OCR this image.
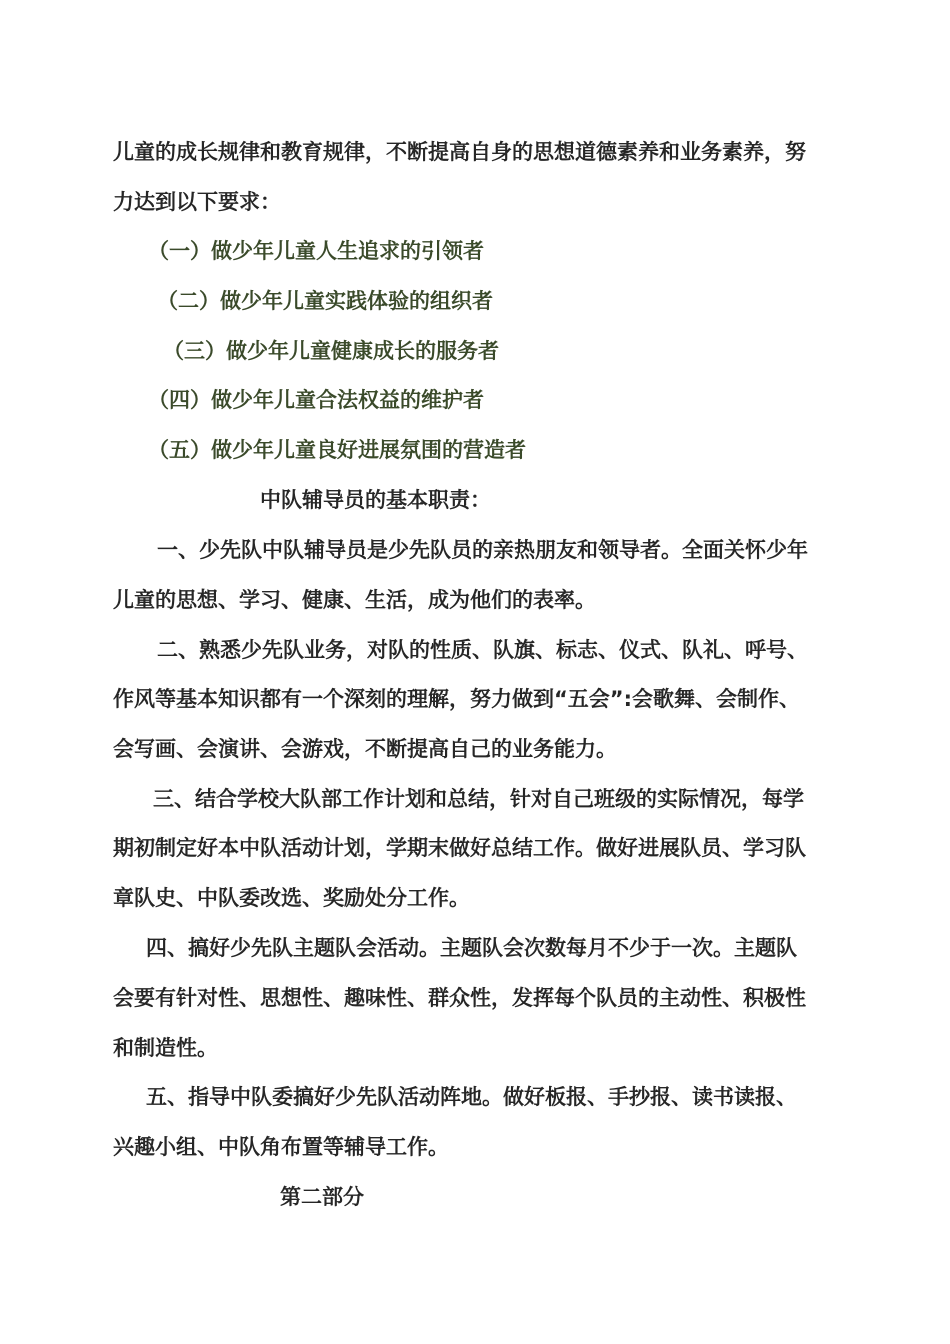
儿童的成长规律和教育规律，不断提高自身的思想道德素养和业务素养，努
力达到以下要求：
（一）做少年儿童人生追求的引领者
（二）做少年儿童实践体验的组织者
（三）做少年儿童健康成长的服务者
（四）做少年儿童合法权益的维护者
（五）做少年儿童良好进展氛围的营造者
中队辅导员的基本职责：
一、少先队中队辅导员是少先队员的亲热朋友和领导者。全面关怀少年
儿童的思想、学习、健康、生活，成为他们的表率。
二、熟悉少先队业务，对队的性质、队旗、标志、仪式、队礼、呼号、
作风等基本知识都有一个深刻的理解，努力做到“五会”:会歌舞、会制作、
会写画、会演讲、会游戏，不断提高自己的业务能力。
三、结合学校大队部工作计划和总结，针对自己班级的实际情况，每学
期初制定好本中队活动计划，学期末做好总结工作。做好进展队员、学习队
章队史、中队委改选、奖励处分工作。
四、搞好少先队主题队会活动。主题队会次数每月不少于一次。主题队
会要有针对性、思想性、趣味性、群众性，发挥每个队员的主动性、积极性
和制造性。
五、指导中队委搞好少先队活动阵地。做好板报、手抄报、读书读报、
兴趣小组、中队角布置等辅导工作。
第二部分
